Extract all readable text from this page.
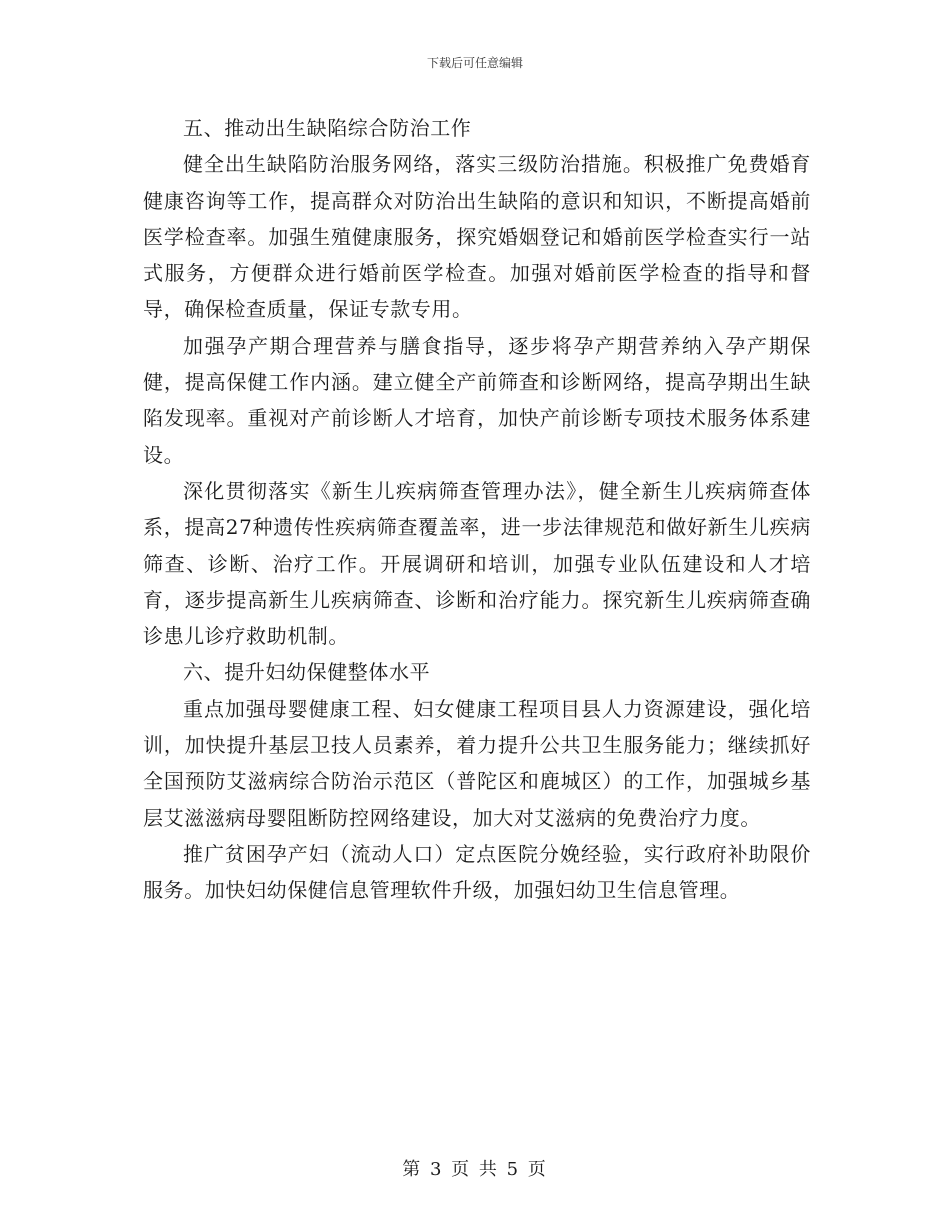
下载后可任意编辑

五、推动出生缺陷综合防治工作

健全出生缺陷防治服务网络，落实三级防治措施。积极推广免费婚育健康咨询等工作，提高群众对防治出生缺陷的意识和知识，不断提高婚前医学检查率。加强生殖健康服务，探究婚姻登记和婚前医学检查实行一站式服务，方便群众进行婚前医学检查。加强对婚前医学检查的指导和督导，确保检查质量，保证专款专用。

加强孕产期合理营养与膳食指导，逐步将孕产期营养纳入孕产期保健，提高保健工作内涵。建立健全产前筛查和诊断网络，提高孕期出生缺陷发现率。重视对产前诊断人才培育，加快产前诊断专项技术服务体系建设。

深化贯彻落实《新生儿疾病筛查管理办法》，健全新生儿疾病筛查体系，提高27种遗传性疾病筛查覆盖率，进一步法律规范和做好新生儿疾病筛查、诊断、治疗工作。开展调研和培训，加强专业队伍建设和人才培育，逐步提高新生儿疾病筛查、诊断和治疗能力。探究新生儿疾病筛查确诊患儿诊疗救助机制。

六、提升妇幼保健整体水平

重点加强母婴健康工程、妇女健康工程项目县人力资源建设，强化培训，加快提升基层卫技人员素养，着力提升公共卫生服务能力；继续抓好全国预防艾滋病综合防治示范区（普陀区和鹿城区）的工作，加强城乡基层艾滋滋病母婴阻断防控网络建设，加大对艾滋病的免费治疗力度。

推广贫困孕产妇（流动人口）定点医院分娩经验，实行政府补助限价服务。加快妇幼保健信息管理软件升级，加强妇幼卫生信息管理。

第 3 页 共 5 页
